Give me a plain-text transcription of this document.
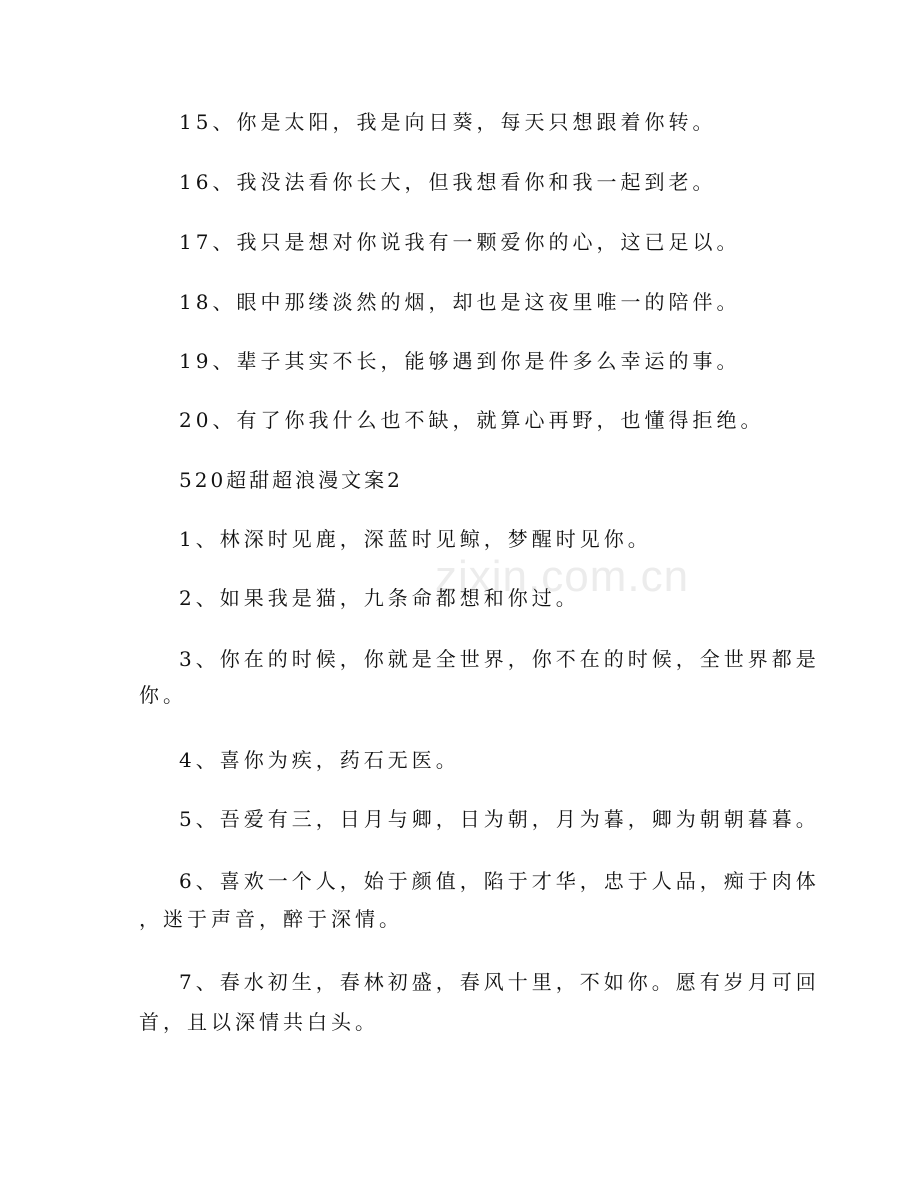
zixin.com.cn

15、你是太阳，我是向日葵，每天只想跟着你转。

16、我没法看你长大，但我想看你和我一起到老。

17、我只是想对你说我有一颗爱你的心，这已足以。

18、眼中那缕淡然的烟，却也是这夜里唯一的陪伴。

19、辈子其实不长，能够遇到你是件多么幸运的事。

20、有了你我什么也不缺，就算心再野，也懂得拒绝。

520超甜超浪漫文案2

1、林深时见鹿，深蓝时见鲸，梦醒时见你。

2、如果我是猫，九条命都想和你过。

3、你在的时候，你就是全世界，你不在的时候，全世界都是
你。

4、喜你为疾，药石无医。

5、吾爱有三，日月与卿，日为朝，月为暮，卿为朝朝暮暮。

6、喜欢一个人，始于颜值，陷于才华，忠于人品，痴于肉体
，迷于声音，醉于深情。
7、春水初生，春林初盛，春风十里，不如你。愿有岁月可回
首，且以深情共白头。
